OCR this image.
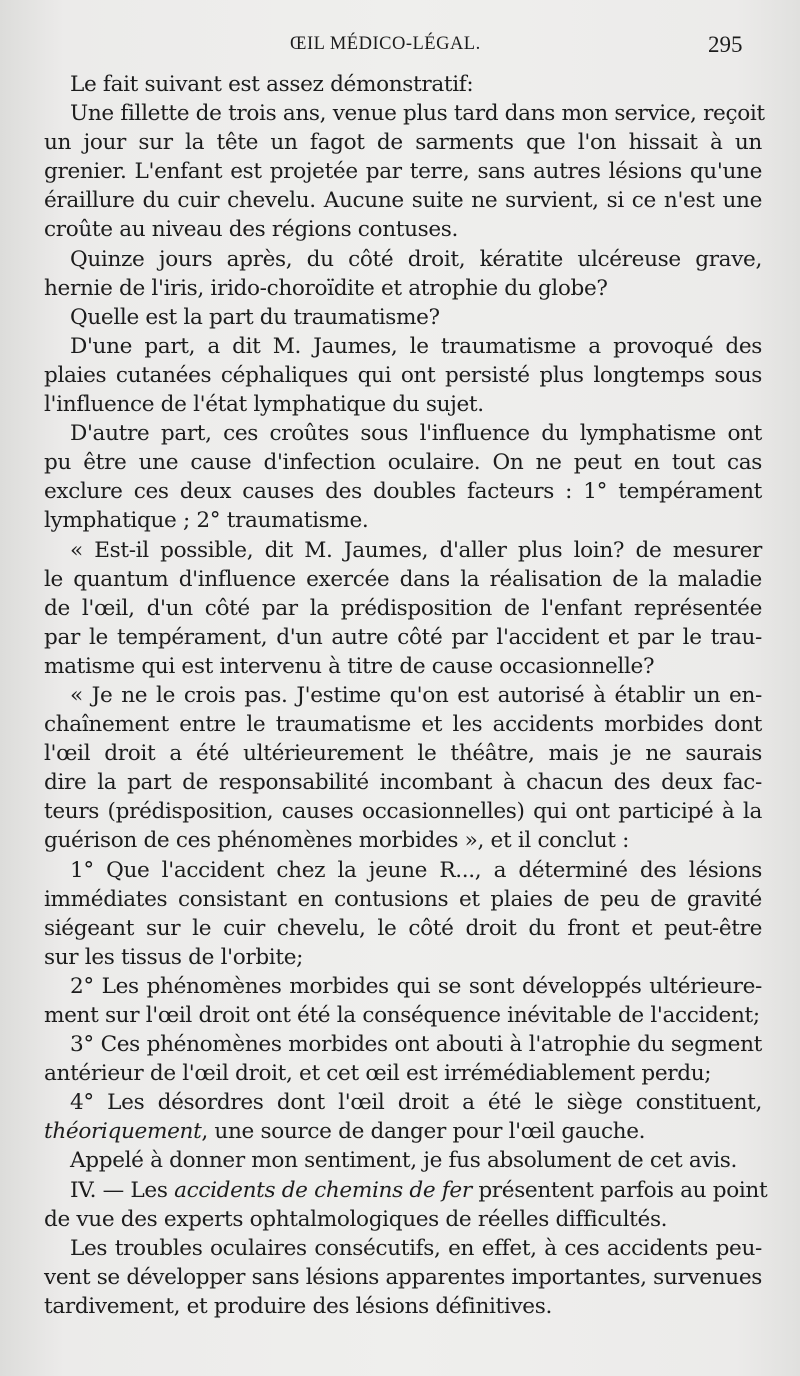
ŒIL MÉDICO-LÉGAL.	295
Le fait suivant est assez démonstratif:
Une fillette de trois ans, venue plus tard dans mon service, reçoit
un jour sur la tête un fagot de sarments que l'on hissait à un
grenier. L'enfant est projetée par terre, sans autres lésions qu'une
éraillure du cuir chevelu. Aucune suite ne survient, si ce n'est une
croûte au niveau des régions contuses.
Quinze jours après, du côté droit, kératite ulcéreuse grave,
hernie de l'iris, irido-choroïdite et atrophie du globe?
Quelle est la part du traumatisme?
D'une part, a dit M. Jaumes, le traumatisme a provoqué des
plaies cutanées céphaliques qui ont persisté plus longtemps sous
l'influence de l'état lymphatique du sujet.
D'autre part, ces croûtes sous l'influence du lymphatisme ont
pu être une cause d'infection oculaire. On ne peut en tout cas
exclure ces deux causes des doubles facteurs : 1° tempérament
lymphatique ; 2° traumatisme.
« Est-il possible, dit M. Jaumes, d'aller plus loin? de mesurer
le quantum d'influence exercée dans la réalisation de la maladie
de l'œil, d'un côté par la prédisposition de l'enfant représentée
par le tempérament, d'un autre côté par l'accident et par le trau-
matisme qui est intervenu à titre de cause occasionnelle?
« Je ne le crois pas. J'estime qu'on est autorisé à établir un en-
chaînement entre le traumatisme et les accidents morbides dont
l'œil droit a été ultérieurement le théâtre, mais je ne saurais
dire la part de responsabilité incombant à chacun des deux fac-
teurs (prédisposition, causes occasionnelles) qui ont participé à la
guérison de ces phénomènes morbides », et il conclut :
1° Que l'accident chez la jeune R..., a déterminé des lésions
immédiates consistant en contusions et plaies de peu de gravité
siégeant sur le cuir chevelu, le côté droit du front et peut-être
sur les tissus de l'orbite;
2° Les phénomènes morbides qui se sont développés ultérieure-
ment sur l'œil droit ont été la conséquence inévitable de l'accident;
3° Ces phénomènes morbides ont abouti à l'atrophie du segment
antérieur de l'œil droit, et cet œil est irrémédiablement perdu;
4° Les désordres dont l'œil droit a été le siège constituent,
théoriquement, une source de danger pour l'œil gauche.
Appelé à donner mon sentiment, je fus absolument de cet avis.
IV. — Les accidents de chemins de fer présentent parfois au point
de vue des experts ophtalmologiques de réelles difficultés.
Les troubles oculaires consécutifs, en effet, à ces accidents peu-
vent se développer sans lésions apparentes importantes, survenues
tardivement, et produire des lésions définitives.
